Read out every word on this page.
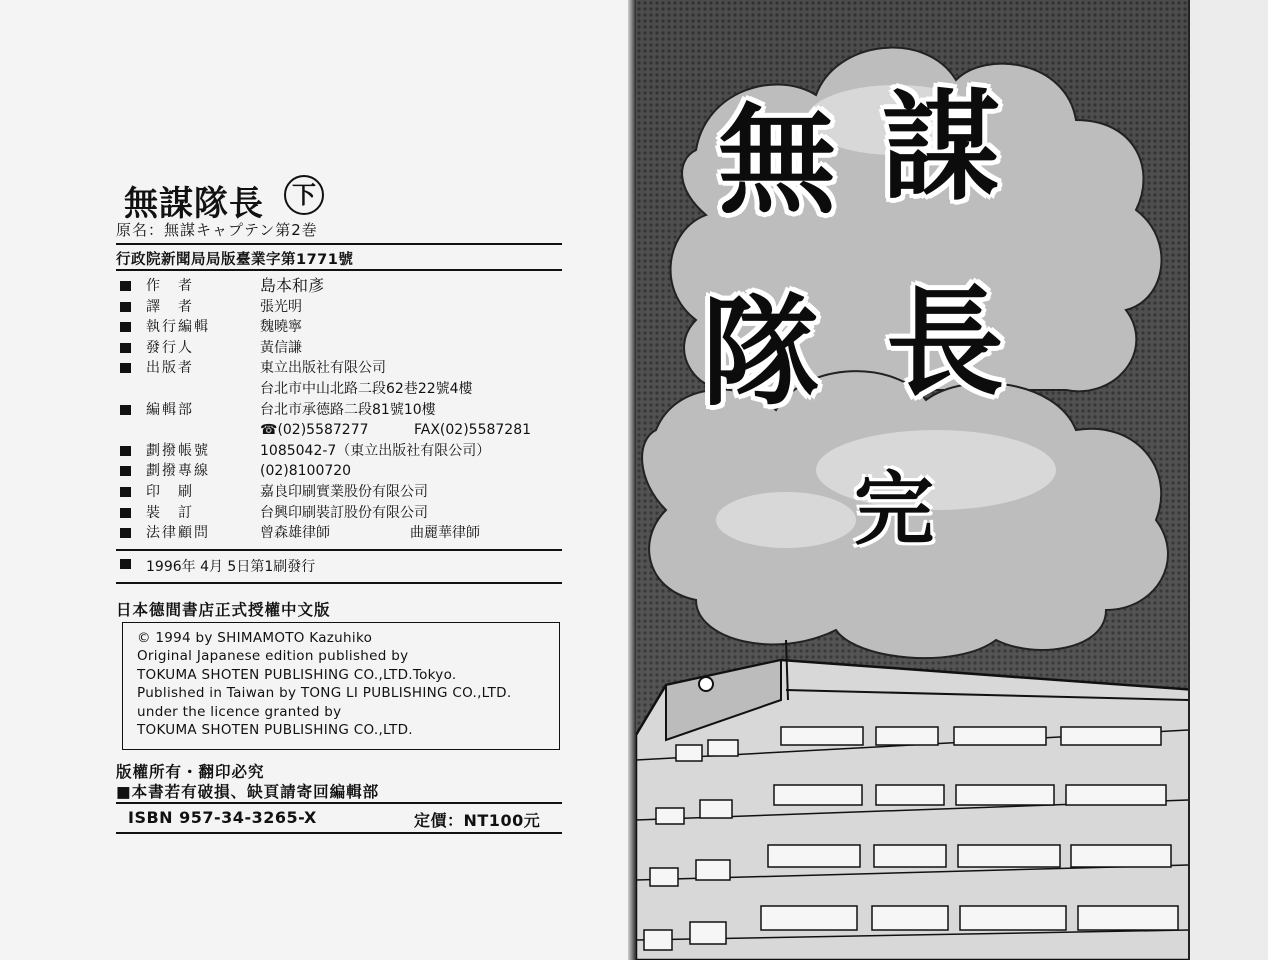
無謀隊長	下
原名：無謀キャプテン第2巻
行政院新聞局局版臺業字第1771號
作　者	島本和彥
譯　者	張光明
執行編輯	魏曉寧
發行人	黃信謙
出版者	東立出版社有限公司
台北市中山北路二段62巷22號4樓
編輯部	台北市承德路二段81號10樓
☎(02)5587277	FAX(02)5587281
劃撥帳號	1085042-7（東立出版社有限公司）
劃撥專線	(02)8100720
印　刷	嘉良印刷實業股份有限公司
裝　訂	台興印刷裝訂股份有限公司
法律顧問	曾森雄律師	曲麗華律師
1996年 4月 5日第1刷發行
日本德間書店正式授權中文版
© 1994 by SHIMAMOTO Kazuhiko
Original Japanese edition published by
TOKUMA SHOTEN PUBLISHING CO.,LTD.Tokyo.
Published in Taiwan by TONG LI PUBLISHING CO.,LTD.
under the licence granted by
TOKUMA SHOTEN PUBLISHING CO.,LTD.
版權所有・翻印必究
■本書若有破損、缺頁請寄回編輯部
ISBN 957-34-3265-X	定價：NT100元
無 謀
隊 長
完
